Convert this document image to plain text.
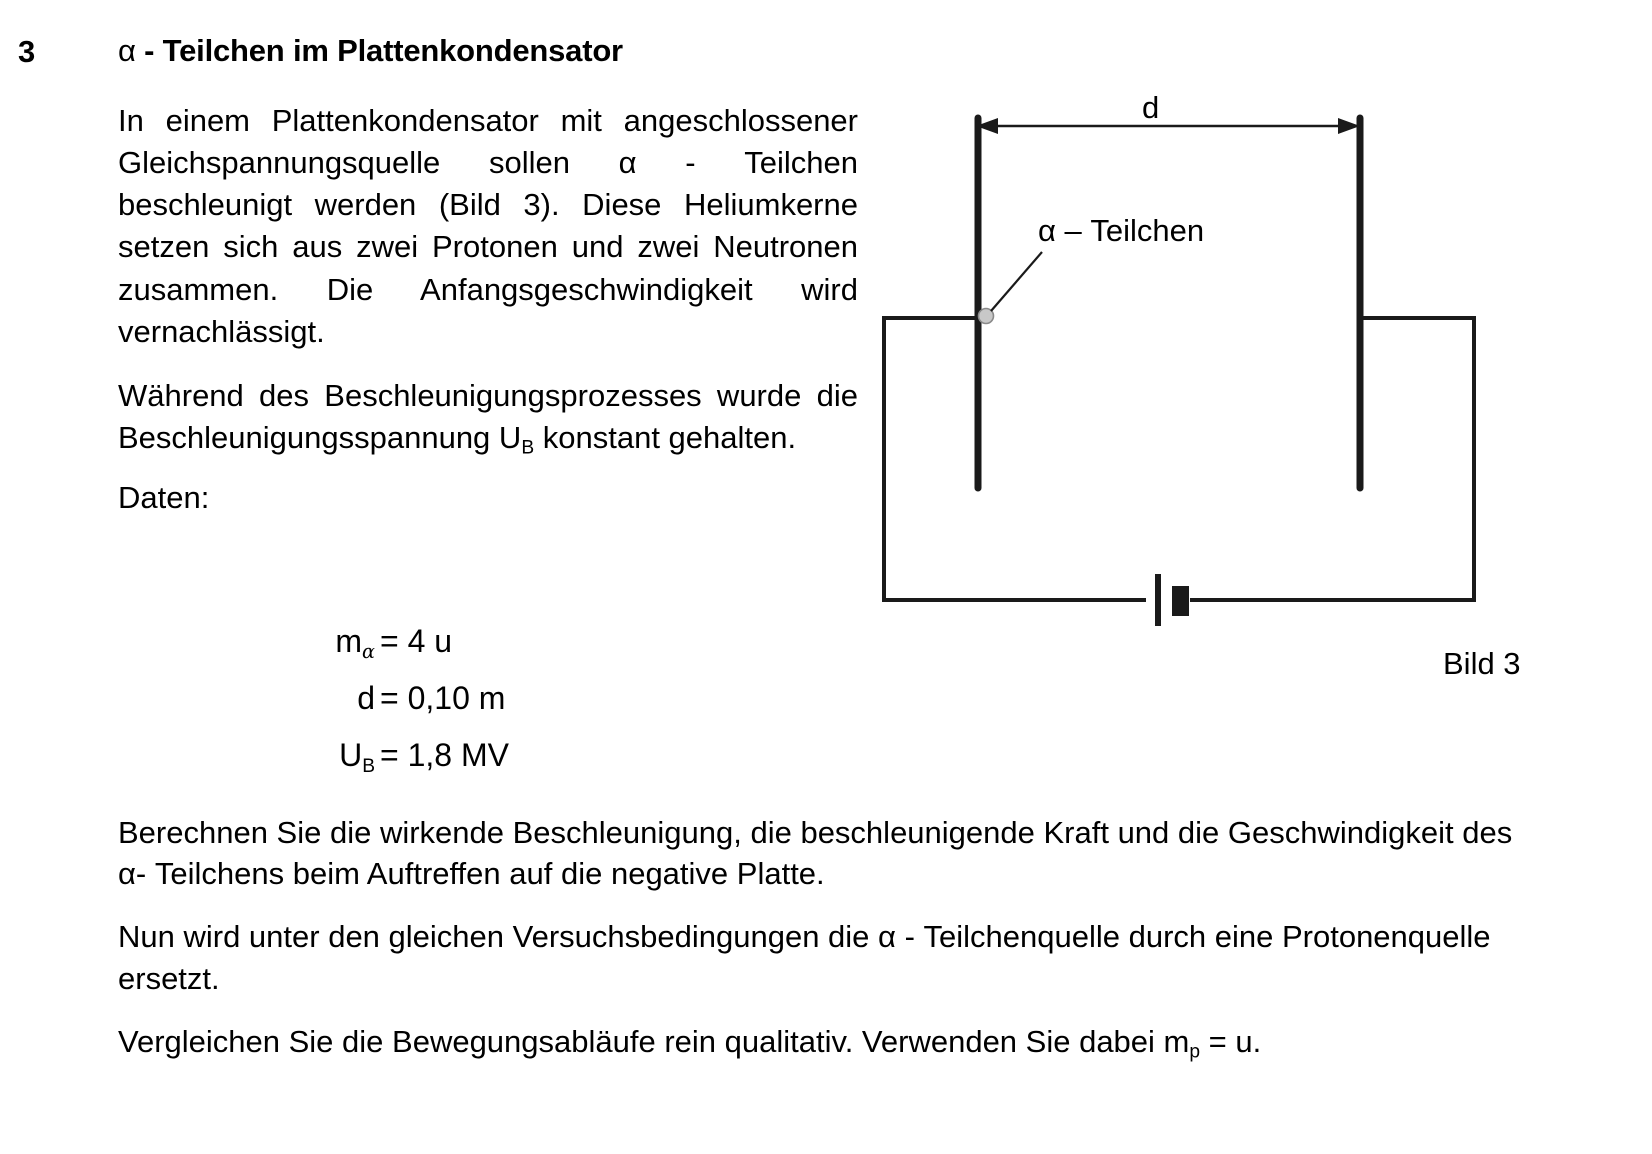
3	α - Teilchen im Plattenkondensator

In einem Plattenkondensator mit angeschlossener Gleichspannungsquelle sollen α - Teilchen beschleunigt werden (Bild 3). Diese Heliumkerne setzen sich aus zwei Protonen und zwei Neutronen zusammen. Die Anfangsgeschwindigkeit wird vernachlässigt.

Während des Beschleunigungsprozesses wurde die Beschleunigungsspannung $U_B$ konstant gehalten.

Daten:

$m_\alpha = 4$ u
d = 0,10 m
$U_B = 1,8$ MV
d
α – Teilchen
Bild 3

Berechnen Sie die wirkende Beschleunigung, die beschleunigende Kraft und die Geschwindigkeit des α- Teilchens beim Auftreffen auf die negative Platte.

Nun wird unter den gleichen Versuchsbedingungen die α - Teilchenquelle durch eine Protonenquelle ersetzt.

Vergleichen Sie die Bewegungsabläufe rein qualitativ. Verwenden Sie dabei $m_p = u$.
